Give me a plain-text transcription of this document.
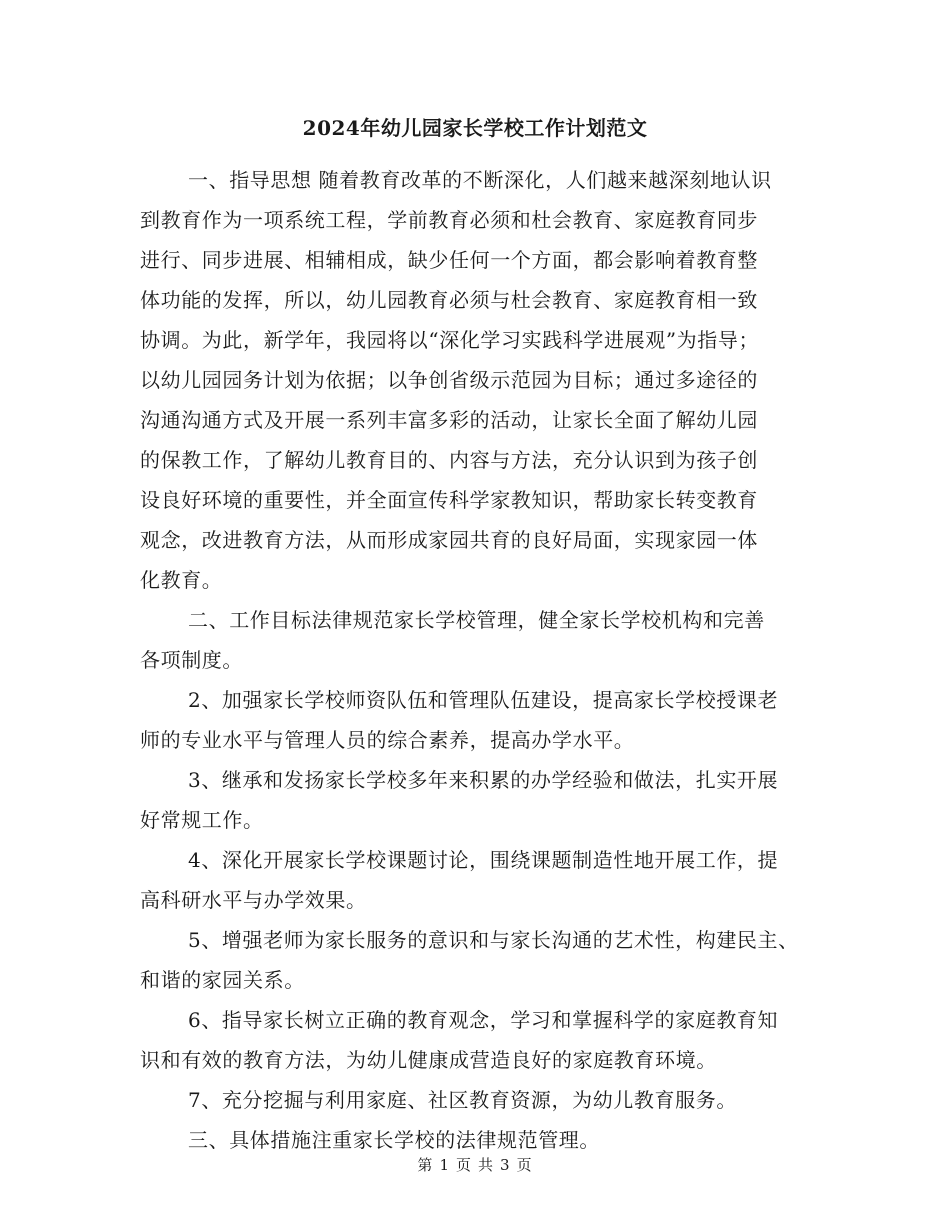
2024年幼儿园家长学校工作计划范文
一、指导思想 随着教育改革的不断深化，人们越来越深刻地认识
到教育作为一项系统工程，学前教育必须和杜会教育、家庭教育同步
进行、同步进展、相辅相成，缺少任何一个方面，都会影响着教育整
体功能的发挥，所以，幼儿园教育必须与杜会教育、家庭教育相一致
协调。为此，新学年，我园将以“深化学习实践科学进展观”为指导；
以幼儿园园务计划为依据；以争创省级示范园为目标；通过多途径的
沟通沟通方式及开展一系列丰富多彩的活动，让家长全面了解幼儿园
的保教工作，了解幼儿教育目的、内容与方法，充分认识到为孩子创
设良好环境的重要性，并全面宣传科学家教知识，帮助家长转变教育
观念，改进教育方法，从而形成家园共育的良好局面，实现家园一体
化教育。
二、工作目标法律规范家长学校管理，健全家长学校机构和完善
各项制度。
2、加强家长学校师资队伍和管理队伍建设，提高家长学校授课老
师的专业水平与管理人员的综合素养，提高办学水平。
3、继承和发扬家长学校多年来积累的办学经验和做法，扎实开展
好常规工作。
4、深化开展家长学校课题讨论，围绕课题制造性地开展工作，提
高科研水平与办学效果。
5、增强老师为家长服务的意识和与家长沟通的艺术性，构建民主、
和谐的家园关系。
6、指导家长树立正确的教育观念，学习和掌握科学的家庭教育知
识和有效的教育方法，为幼儿健康成营造良好的家庭教育环境。
7、充分挖掘与利用家庭、社区教育资源，为幼儿教育服务。
三、具体措施注重家长学校的法律规范管理。
第 1 页 共 3 页
